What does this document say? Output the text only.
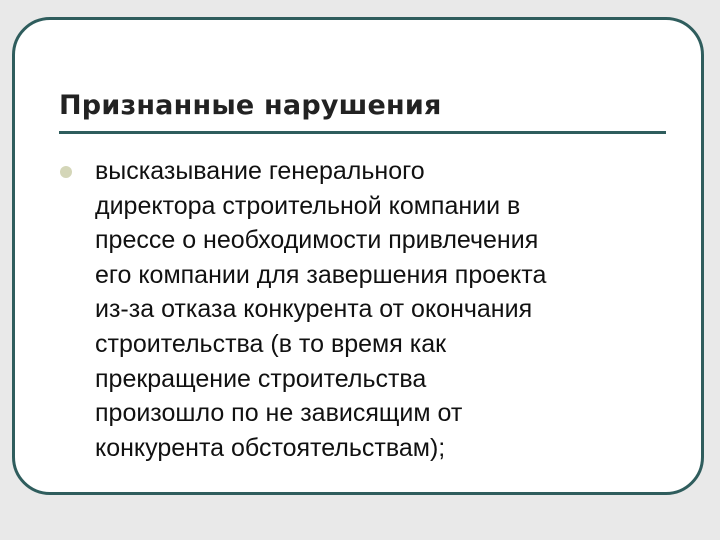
Признанные нарушения

высказывание генерального
директора строительной компании в
прессе о необходимости привлечения
его компании для завершения проекта
из-за отказа конкурента от окончания
строительства (в то время как
прекращение строительства
произошло по не зависящим от
конкурента обстоятельствам);
